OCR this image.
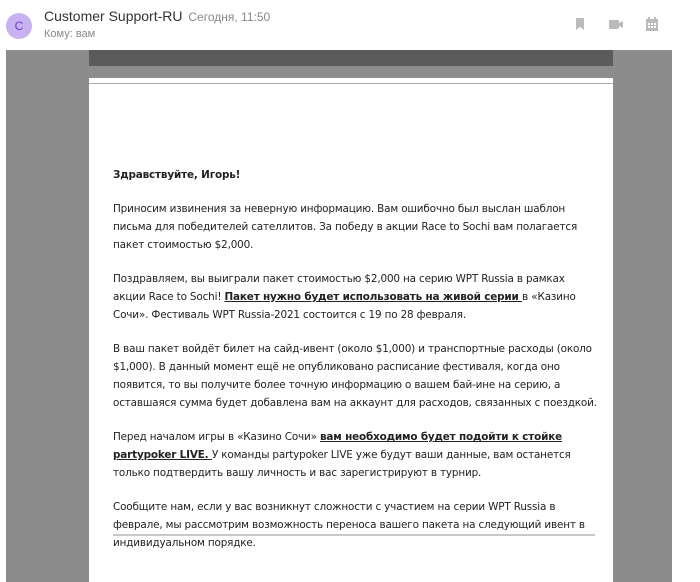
C
Customer Support-RU Сегодня, 11:50
Кому: вам

Здравствуйте, Игорь!

Приносим извинения за неверную информацию. Вам ошибочно был выслан шаблон письма для победителей сателлитов. За победу в акции Race to Sochi вам полагается пакет стоимостью $2,000.

Поздравляем, вы выиграли пакет стоимостью $2,000 на серию WPT Russia в рамках акции Race to Sochi! Пакет нужно будет использовать на живой серии в «Казино Сочи». Фестиваль WPT Russia-2021 состоится с 19 по 28 февраля.

В ваш пакет войдёт билет на сайд-ивент (около $1,000) и транспортные расходы (около $1,000). В данный момент ещё не опубликовано расписание фестиваля, когда оно появится, то вы получите более точную информацию о вашем бай-ине на серию, а оставшаяся сумма будет добавлена вам на аккаунт для расходов, связанных с поездкой.

Перед началом игры в «Казино Сочи» вам необходимо будет подойти к стойке partypoker LIVE. У команды partypoker LIVE уже будут ваши данные, вам останется только подтвердить вашу личность и вас зарегистрируют в турнир.

Сообщите нам, если у вас возникнут сложности с участием на серии WPT Russia в феврале, мы рассмотрим возможность переноса вашего пакета на следующий ивент в индивидуальном порядке.
